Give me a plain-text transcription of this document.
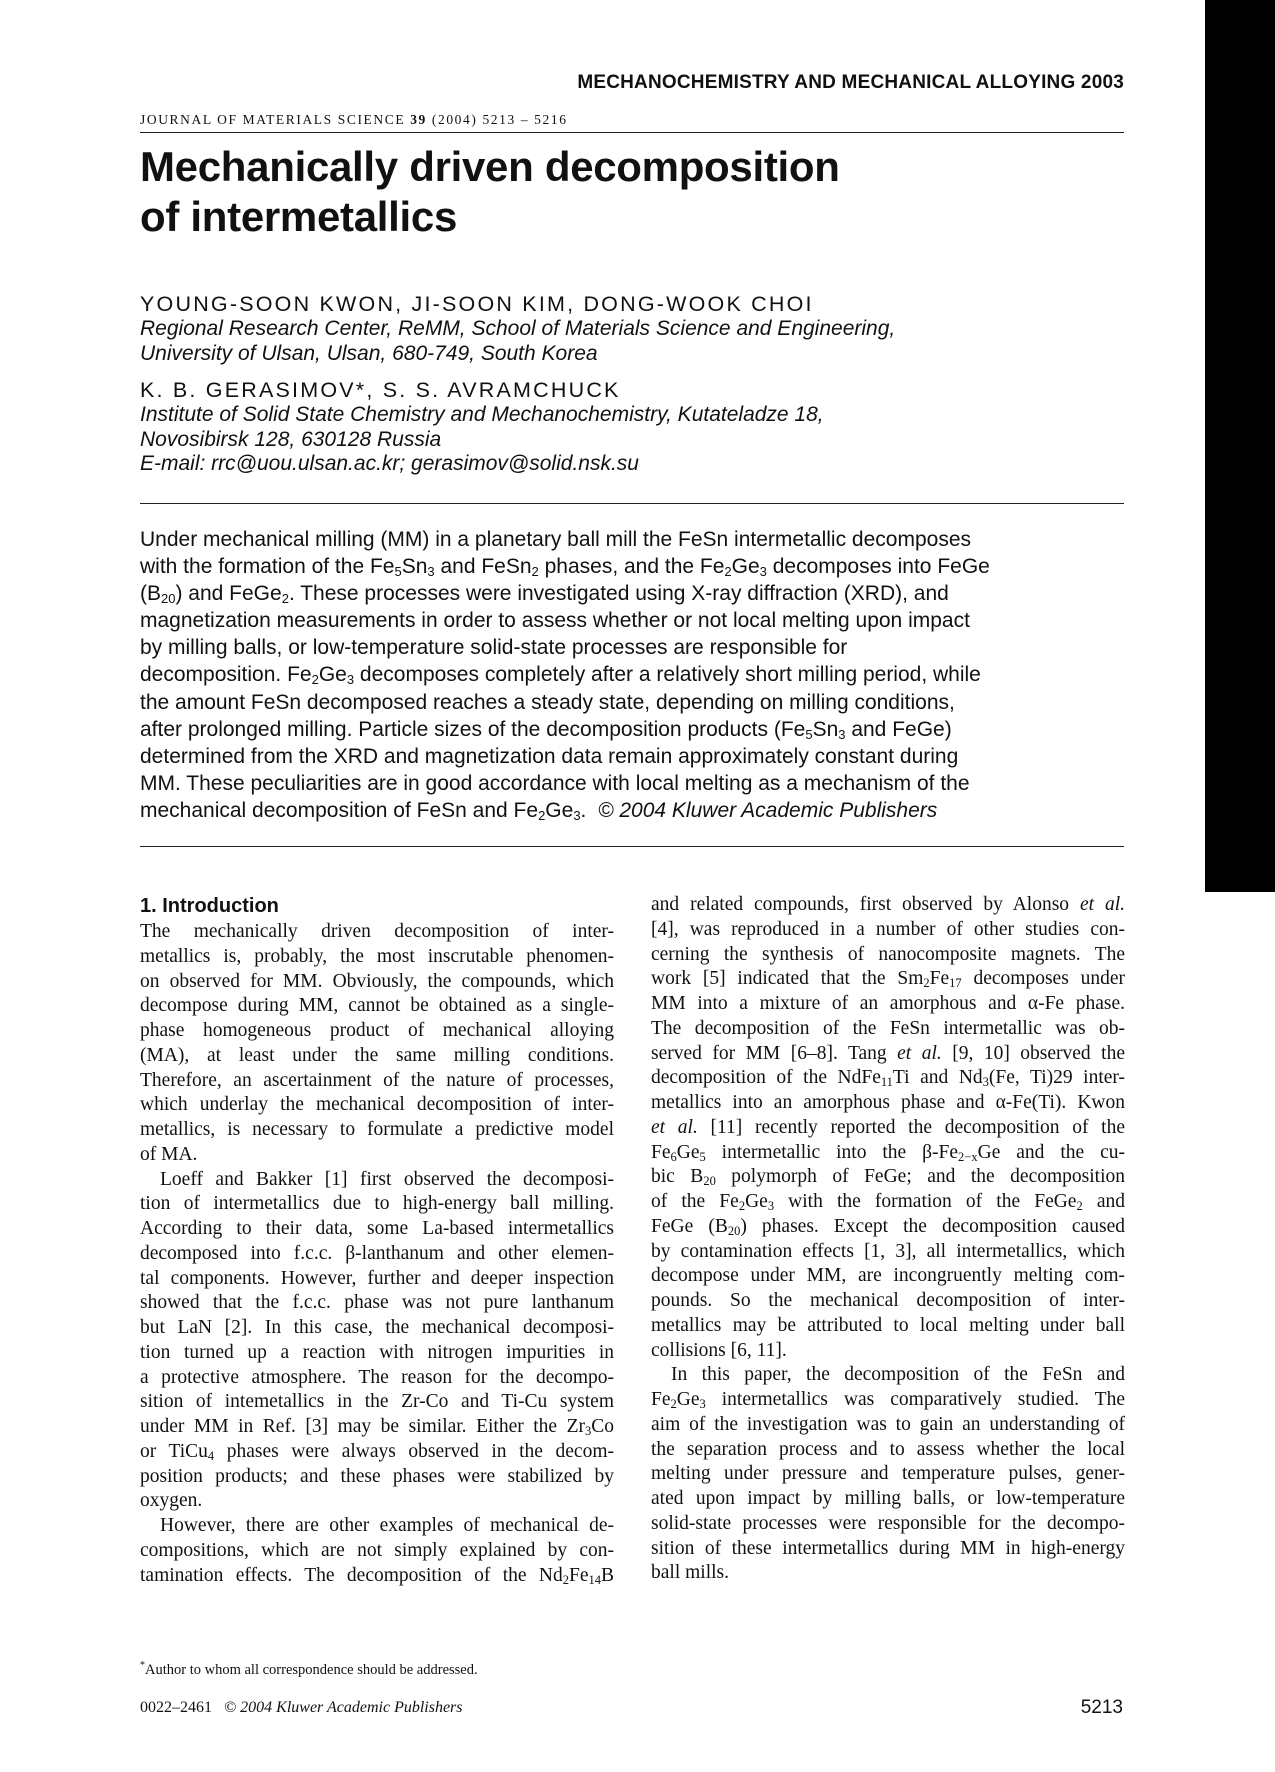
MECHANOCHEMISTRY AND MECHANICAL ALLOYING 2003
JOURNAL OF MATERIALS SCIENCE 39 (2004) 5213 – 5216
Mechanically driven decomposition
of intermetallics
YOUNG-SOON KWON, JI-SOON KIM, DONG-WOOK CHOI
Regional Research Center, ReMM, School of Materials Science and Engineering,
University of Ulsan, Ulsan, 680-749, South Korea
K. B. GERASIMOV*, S. S. AVRAMCHUCK
Institute of Solid State Chemistry and Mechanochemistry, Kutateladze 18,
Novosibirsk 128, 630128 Russia
E-mail: rrc@uou.ulsan.ac.kr; gerasimov@solid.nsk.su
Under mechanical milling (MM) in a planetary ball mill the FeSn intermetallic decomposes
with the formation of the $Fe_5Sn_3$ and FeSn$_2$ phases, and the $Fe_2Ge_3$ decomposes into FeGe
$(B_{20})$ and FeGe$_2$. These processes were investigated using X-ray diffraction (XRD), and
magnetization measurements in order to assess whether or not local melting upon impact
by milling balls, or low-temperature solid-state processes are responsible for
decomposition. $Fe_2Ge_3$ decomposes completely after a relatively short milling period, while
the amount FeSn decomposed reaches a steady state, depending on milling conditions,
after prolonged milling. Particle sizes of the decomposition products ($Fe_5Sn_3$ and FeGe)
determined from the XRD and magnetization data remain approximately constant during
MM. These peculiarities are in good accordance with local melting as a mechanism of the
mechanical decomposition of FeSn and $Fe_2Ge_3$. © 2004 Kluwer Academic Publishers
1. Introduction
The mechanically driven decomposition of inter-
metallics is, probably, the most inscrutable phenomen-
on observed for MM. Obviously, the compounds, which
decompose during MM, cannot be obtained as a single-
phase homogeneous product of mechanical alloying
(MA), at least under the same milling conditions.
Therefore, an ascertainment of the nature of processes,
which underlay the mechanical decomposition of inter-
metallics, is necessary to formulate a predictive model
of MA.
Loeff and Bakker [1] first observed the decomposi-
tion of intermetallics due to high-energy ball milling.
According to their data, some La-based intermetallics
decomposed into f.c.c. β-lanthanum and other elemen-
tal components. However, further and deeper inspection
showed that the f.c.c. phase was not pure lanthanum
but LaN [2]. In this case, the mechanical decomposi-
tion turned up a reaction with nitrogen impurities in
a protective atmosphere. The reason for the decompo-
sition of intemetallics in the Zr-Co and Ti-Cu system
under MM in Ref. [3] may be similar. Either the $Zr_3Co$
or TiCu$_4$ phases were always observed in the decom-
position products; and these phases were stabilized by
oxygen.
However, there are other examples of mechanical de-
compositions, which are not simply explained by con-
tamination effects. The decomposition of the $Nd_2Fe_{14}B$
and related compounds, first observed by Alonso et al.
[4], was reproduced in a number of other studies con-
cerning the synthesis of nanocomposite magnets. The
work [5] indicated that the $Sm_2Fe_{17}$ decomposes under
MM into a mixture of an amorphous and α-Fe phase.
The decomposition of the FeSn intermetallic was ob-
served for MM [6–8]. Tang et al. [9, 10] observed the
decomposition of the NdFe$_{11}$Ti and $Nd_3(Fe$, Ti)29 inter-
metallics into an amorphous phase and α-Fe(Ti). Kwon
et al. [11] recently reported the decomposition of the
$Fe_6Ge_5$ intermetallic into the $\beta-Fe_{2-x}Ge$ and the cu-
bic $B_{20}$ polymorph of FeGe; and the decomposition
of the $Fe_2Ge_3$ with the formation of the FeGe$_2$ and
FeGe $(B_{20})$ phases. Except the decomposition caused
by contamination effects [1, 3], all intermetallics, which
decompose under MM, are incongruently melting com-
pounds. So the mechanical decomposition of inter-
metallics may be attributed to local melting under ball
collisions [6, 11].
In this paper, the decomposition of the FeSn and
$Fe_2Ge_3$ intermetallics was comparatively studied. The
aim of the investigation was to gain an understanding of
the separation process and to assess whether the local
melting under pressure and temperature pulses, gener-
ated upon impact by milling balls, or low-temperature
solid-state processes were responsible for the decompo-
sition of these intermetallics during MM in high-energy
ball mills.
*Author to whom all correspondence should be addressed.
0022–2461 © 2004 Kluwer Academic Publishers	5213
